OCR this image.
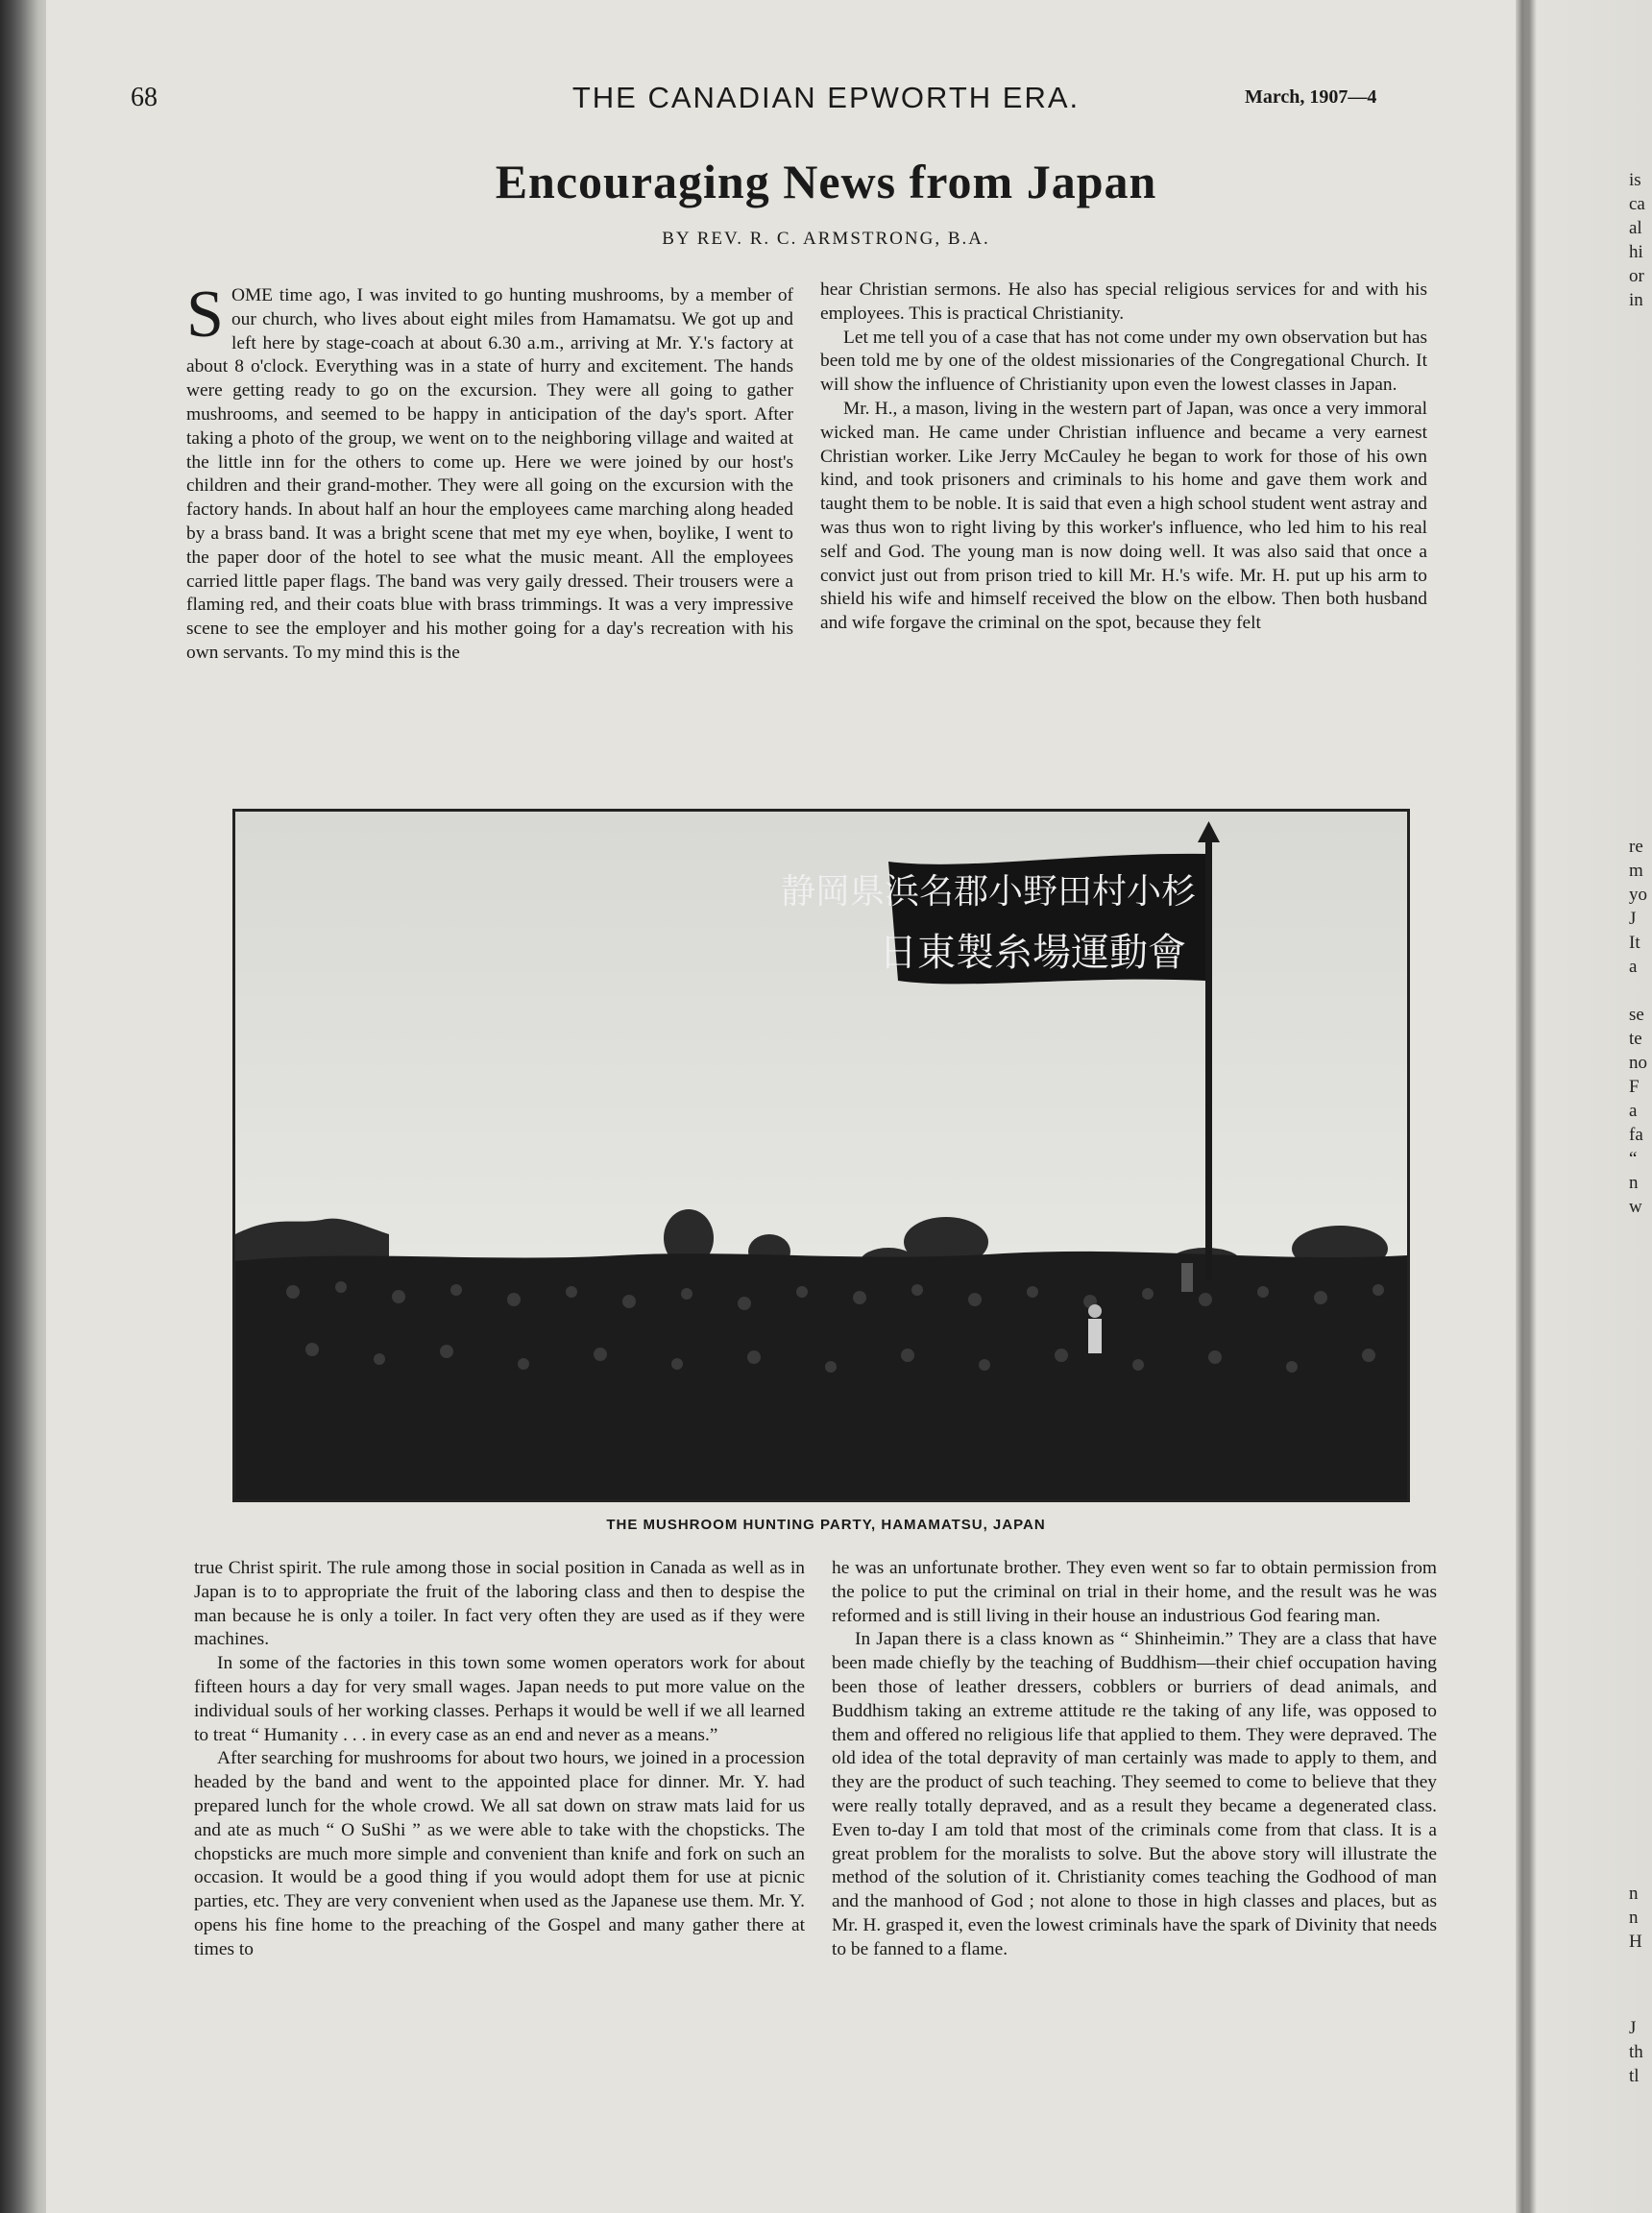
68	THE CANADIAN EPWORTH ERA.	March, 1907—4
Encouraging News from Japan
BY REV. R. C. ARMSTRONG, B.A.

SOME time ago, I was invited to go hunting mushrooms, by a member of our church, who lives about eight miles from Hamamatsu. We got up and left here by stage-coach at about 6.30 a.m., arriving at Mr. Y.'s factory at about 8 o'clock. Everything was in a state of hurry and excitement. The hands were getting ready to go on the excursion. They were all going to gather mushrooms, and seemed to be happy in anticipation of the day's sport. After taking a photo of the group, we went on to the neighboring village and waited at the little inn for the others to come up. Here we were joined by our host's children and their grand-mother. They were all going on the excursion with the factory hands. In about half an hour the employees came marching along headed by a brass band. It was a bright scene that met my eye when, boylike, I went to the paper door of the hotel to see what the music meant. All the employees carried little paper flags. The band was very gaily dressed. Their trousers were a flaming red, and their coats blue with brass trimmings. It was a very impressive scene to see the employer and his mother going for a day's recreation with his own servants. To my mind this is the

hear Christian sermons. He also has special religious services for and with his employees. This is practical Christianity.

Let me tell you of a case that has not come under my own observation but has been told me by one of the oldest missionaries of the Congregational Church. It will show the influence of Christianity upon even the lowest classes in Japan.

Mr. H., a mason, living in the western part of Japan, was once a very immoral wicked man. He came under Christian influence and became a very earnest Christian worker. Like Jerry McCauley he began to work for those of his own kind, and took prisoners and criminals to his home and gave them work and taught them to be noble. It is said that even a high school student went astray and was thus won to right living by this worker's influence, who led him to his real self and God. The young man is now doing well. It was also said that once a convict just out from prison tried to kill Mr. H.'s wife. Mr. H. put up his arm to shield his wife and himself received the blow on the elbow. Then both husband and wife forgave the criminal on the spot, because they felt

静岡県浜名郡小野田村小杉
日東製糸場運動會
THE MUSHROOM HUNTING PARTY, HAMAMATSU, JAPAN

true Christ spirit. The rule among those in social position in Canada as well as in Japan is to to appropriate the fruit of the laboring class and then to despise the man because he is only a toiler. In fact very often they are used as if they were machines.

In some of the factories in this town some women operators work for about fifteen hours a day for very small wages. Japan needs to put more value on the individual souls of her working classes. Perhaps it would be well if we all learned to treat “ Humanity . . . in every case as an end and never as a means.”

After searching for mushrooms for about two hours, we joined in a procession headed by the band and went to the appointed place for dinner. Mr. Y. had prepared lunch for the whole crowd. We all sat down on straw mats laid for us and ate as much “ O SuShi ” as we were able to take with the chopsticks. The chopsticks are much more simple and convenient than knife and fork on such an occasion. It would be a good thing if you would adopt them for use at picnic parties, etc. They are very convenient when used as the Japanese use them. Mr. Y. opens his fine home to the preaching of the Gospel and many gather there at times to

he was an unfortunate brother. They even went so far to obtain permission from the police to put the criminal on trial in their home, and the result was he was reformed and is still living in their house an industrious God fearing man.

In Japan there is a class known as “ Shinheimin.” They are a class that have been made chiefly by the teaching of Buddhism—their chief occupation having been those of leather dressers, cobblers or burriers of dead animals, and Buddhism taking an extreme attitude re the taking of any life, was opposed to them and offered no religious life that applied to them. They were depraved. The old idea of the total depravity of man certainly was made to apply to them, and they are the product of such teaching. They seemed to come to believe that they were really totally depraved, and as a result they became a degenerated class. Even to-day I am told that most of the criminals come from that class. It is a great problem for the moralists to solve. But the above story will illustrate the method of the solution of it. Christianity comes teaching the Godhood of man and the manhood of God ; not alone to those in high classes and places, but as Mr. H. grasped it, even the lowest criminals have the spark of Divinity that needs to be fanned to a flame.

is
ca
al
hi
or
in
re
m
yo
J
It
a
se
te
no
F
a
fa
“
n
w
n
n
H
J
th
tl
